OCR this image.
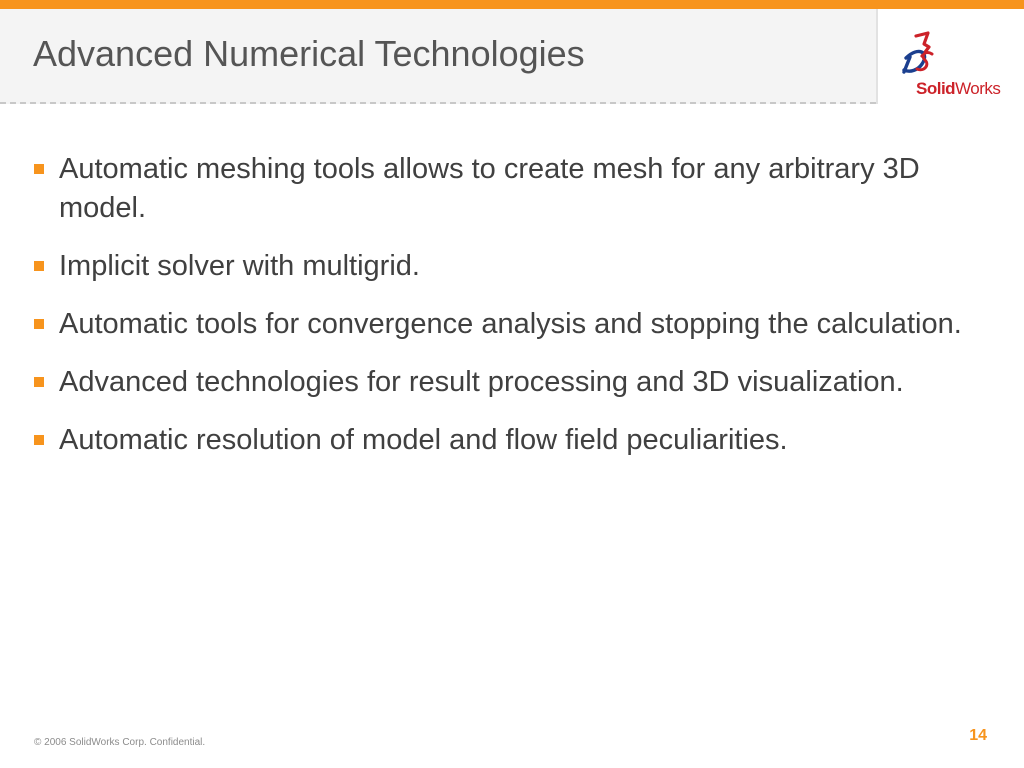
Advanced Numerical Technologies
SolidWorks
Automatic meshing tools allows to create mesh for any arbitrary 3D model.
Implicit solver with multigrid.
Automatic tools for convergence analysis and stopping the calculation.
Advanced technologies for result processing and 3D visualization.
Automatic resolution of model and flow field peculiarities.
© 2006 SolidWorks Corp. Confidential.	14
